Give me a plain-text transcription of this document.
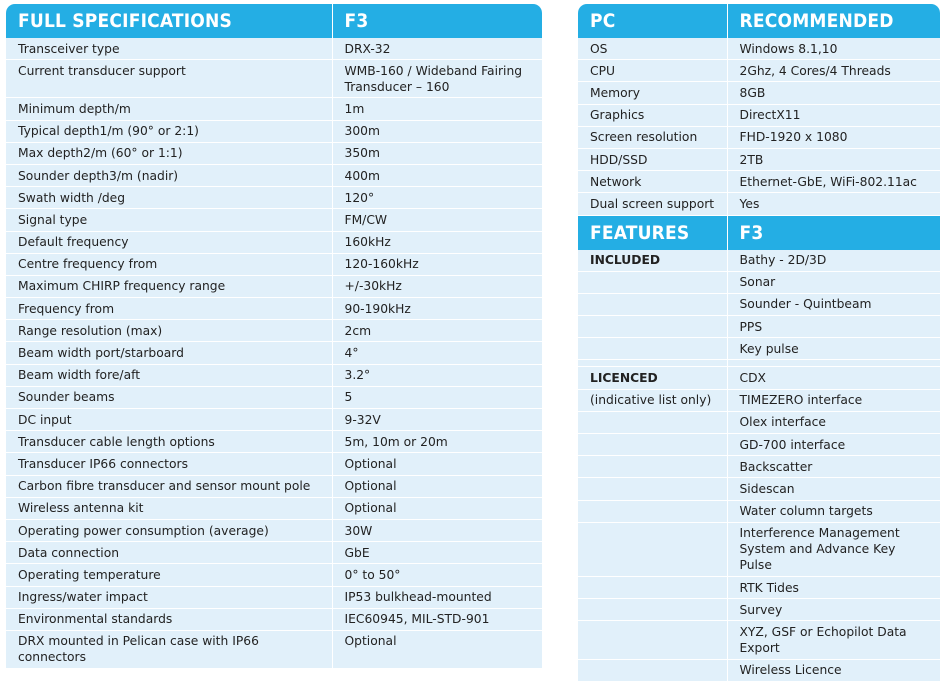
FULL SPECIFICATIONS	F3
Transceiver type	DRX-32
Current transducer support	WMB-160 / Wideband Fairing Transducer – 160
Minimum depth/m	1m
Typical depth1/m (90° or 2:1)	300m
Max depth2/m (60° or 1:1)	350m
Sounder depth3/m (nadir)	400m
Swath width /deg	120°
Signal type	FM/CW
Default frequency	160kHz
Centre frequency from	120-160kHz
Maximum CHIRP frequency range	+/-30kHz
Frequency from	90-190kHz
Range resolution (max)	2cm
Beam width port/starboard	4°
Beam width fore/aft	3.2°
Sounder beams	5
DC input	9-32V
Transducer cable length options	5m, 10m or 20m
Transducer IP66 connectors	Optional
Carbon fibre transducer and sensor mount pole	Optional
Wireless antenna kit	Optional
Operating power consumption (average)	30W
Data connection	GbE
Operating temperature	0° to 50°
Ingress/water impact	IP53 bulkhead-mounted
Environmental standards	IEC60945, MIL-STD-901
DRX mounted in Pelican case with IP66 connectors	Optional
PC	RECOMMENDED
OS	Windows 8.1,10
CPU	2Ghz, 4 Cores/4 Threads
Memory	8GB
Graphics	DirectX11
Screen resolution	FHD-1920 x 1080
HDD/SSD	2TB
Network	Ethernet-GbE, WiFi-802.11ac
Dual screen support	Yes
FEATURES	F3
INCLUDED	Bathy - 2D/3D
	Sonar
	Sounder - Quintbeam
	PPS
	Key pulse

LICENCED	CDX
(indicative list only)	TIMEZERO interface
	Olex interface
	GD-700 interface
	Backscatter
	Sidescan
	Water column targets
	Interference Management System and Advance Key Pulse
	RTK Tides
	Survey
	XYZ, GSF or Echopilot Data Export
	Wireless Licence
